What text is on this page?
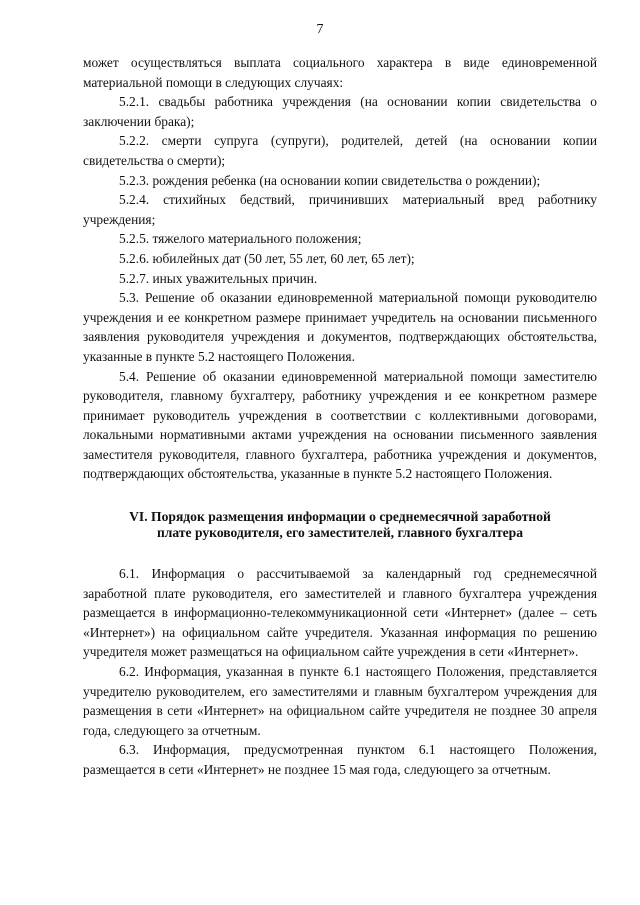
7

может осуществляться выплата социального характера в виде единовременной материальной помощи в следующих случаях:

5.2.1. свадьбы работника учреждения (на основании копии свидетельства о заключении брака);

5.2.2. смерти супруга (супруги), родителей, детей (на основании копии свидетельства о смерти);

5.2.3. рождения ребенка (на основании копии свидетельства о рождении);

5.2.4. стихийных бедствий, причинивших материальный вред работнику учреждения;

5.2.5. тяжелого материального положения;

5.2.6. юбилейных дат (50 лет, 55 лет, 60 лет, 65 лет);

5.2.7. иных уважительных причин.

5.3. Решение об оказании единовременной материальной помощи руководителю учреждения и ее конкретном размере принимает учредитель на основании письменного заявления руководителя учреждения и документов, подтверждающих обстоятельства, указанные в пункте 5.2 настоящего Положения.

5.4. Решение об оказании единовременной материальной помощи заместителю руководителя, главному бухгалтеру, работнику учреждения и ее конкретном размере принимает руководитель учреждения в соответствии с коллективными договорами, локальными нормативными актами учреждения на основании письменного заявления заместителя руководителя, главного бухгалтера, работника учреждения и документов, подтверждающих обстоятельства, указанные в пункте 5.2 настоящего Положения.

VI. Порядок размещения информации о среднемесячной заработной
плате руководителя, его заместителей, главного бухгалтера

6.1. Информация о рассчитываемой за календарный год среднемесячной заработной плате руководителя, его заместителей и главного бухгалтера учреждения размещается в информационно-телекоммуникационной сети «Интернет» (далее – сеть «Интернет») на официальном сайте учредителя. Указанная информация по решению учредителя может размещаться на официальном сайте учреждения в сети «Интернет».

6.2. Информация, указанная в пункте 6.1 настоящего Положения, представляется учредителю руководителем, его заместителями и главным бухгалтером учреждения для размещения в сети «Интернет» на официальном сайте учредителя не позднее 30 апреля года, следующего за отчетным.

6.3. Информация, предусмотренная пунктом 6.1 настоящего Положения, размещается в сети «Интернет» не позднее 15 мая года, следующего за отчетным.
